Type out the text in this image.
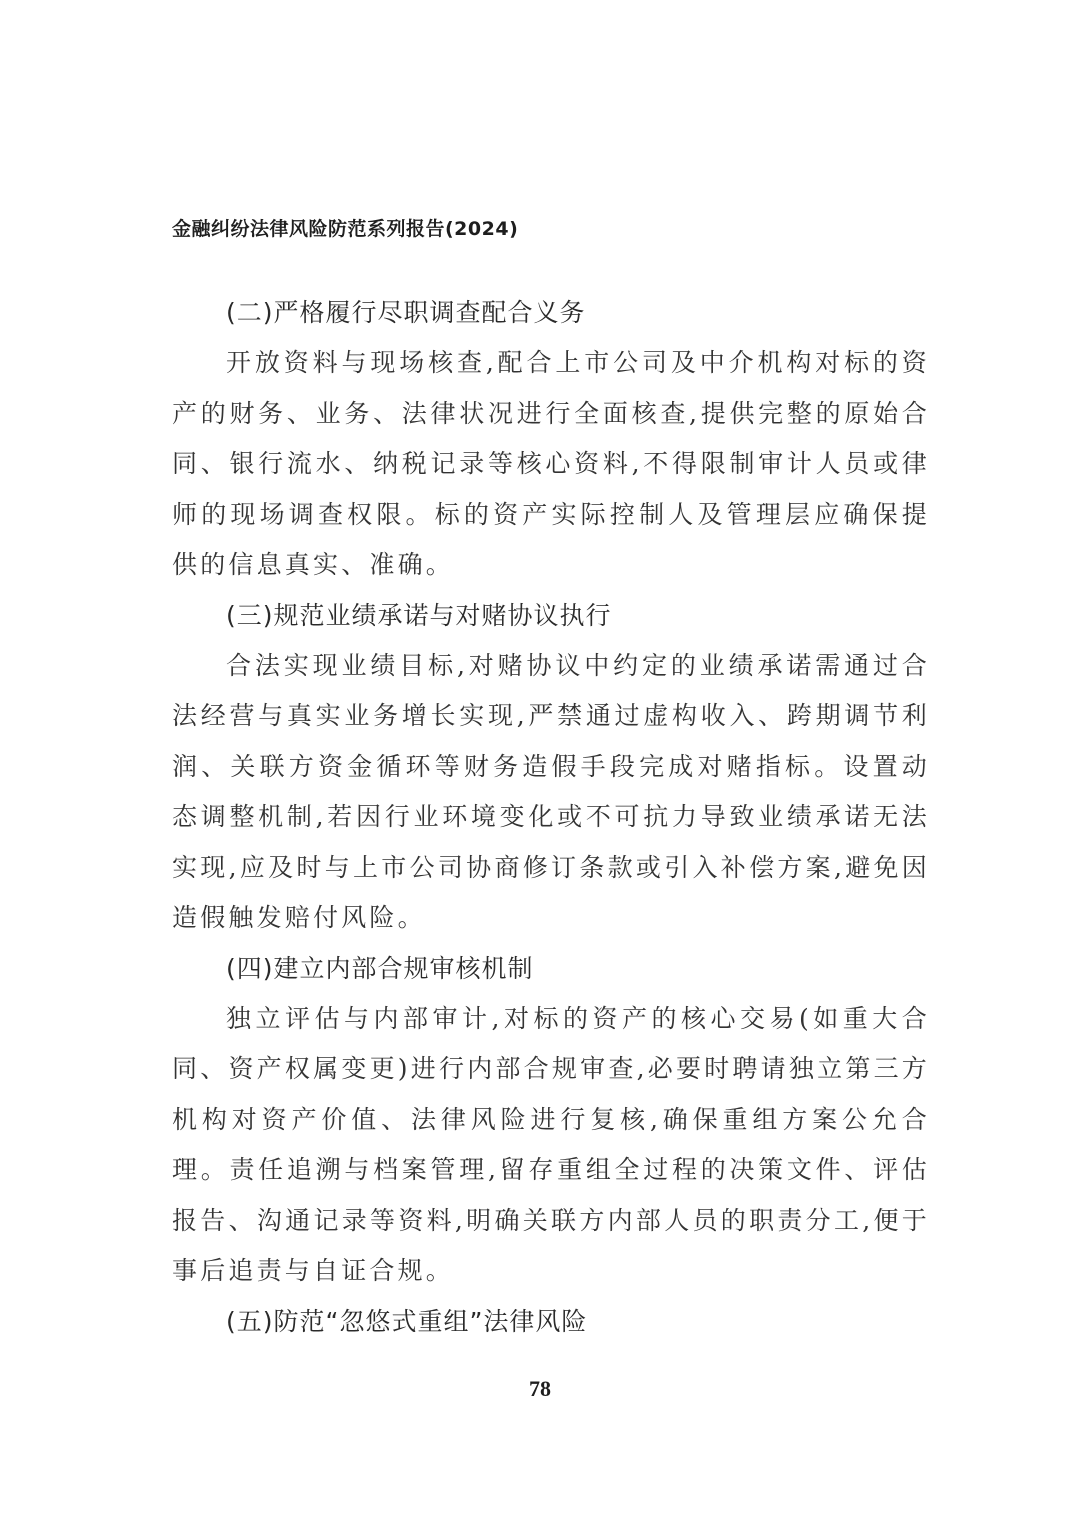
金融纠纷法律风险防范系列报告(2024)
(二)严格履行尽职调查配合义务

开放资料与现场核查,配合上市公司及中介机构对标的资产的财务、业务、法律状况进行全面核查,提供完整的原始合同、银行流水、纳税记录等核心资料,不得限制审计人员或律师的现场调查权限。标的资产实际控制人及管理层应确保提供的信息真实、准确。

(三)规范业绩承诺与对赌协议执行

合法实现业绩目标,对赌协议中约定的业绩承诺需通过合法经营与真实业务增长实现,严禁通过虚构收入、跨期调节利润、关联方资金循环等财务造假手段完成对赌指标。设置动态调整机制,若因行业环境变化或不可抗力导致业绩承诺无法实现,应及时与上市公司协商修订条款或引入补偿方案,避免因造假触发赔付风险。

(四)建立内部合规审核机制

独立评估与内部审计,对标的资产的核心交易(如重大合同、资产权属变更)进行内部合规审查,必要时聘请独立第三方机构对资产价值、法律风险进行复核,确保重组方案公允合理。责任追溯与档案管理,留存重组全过程的决策文件、评估报告、沟通记录等资料,明确关联方内部人员的职责分工,便于事后追责与自证合规。

(五)防范“忽悠式重组”法律风险
78
